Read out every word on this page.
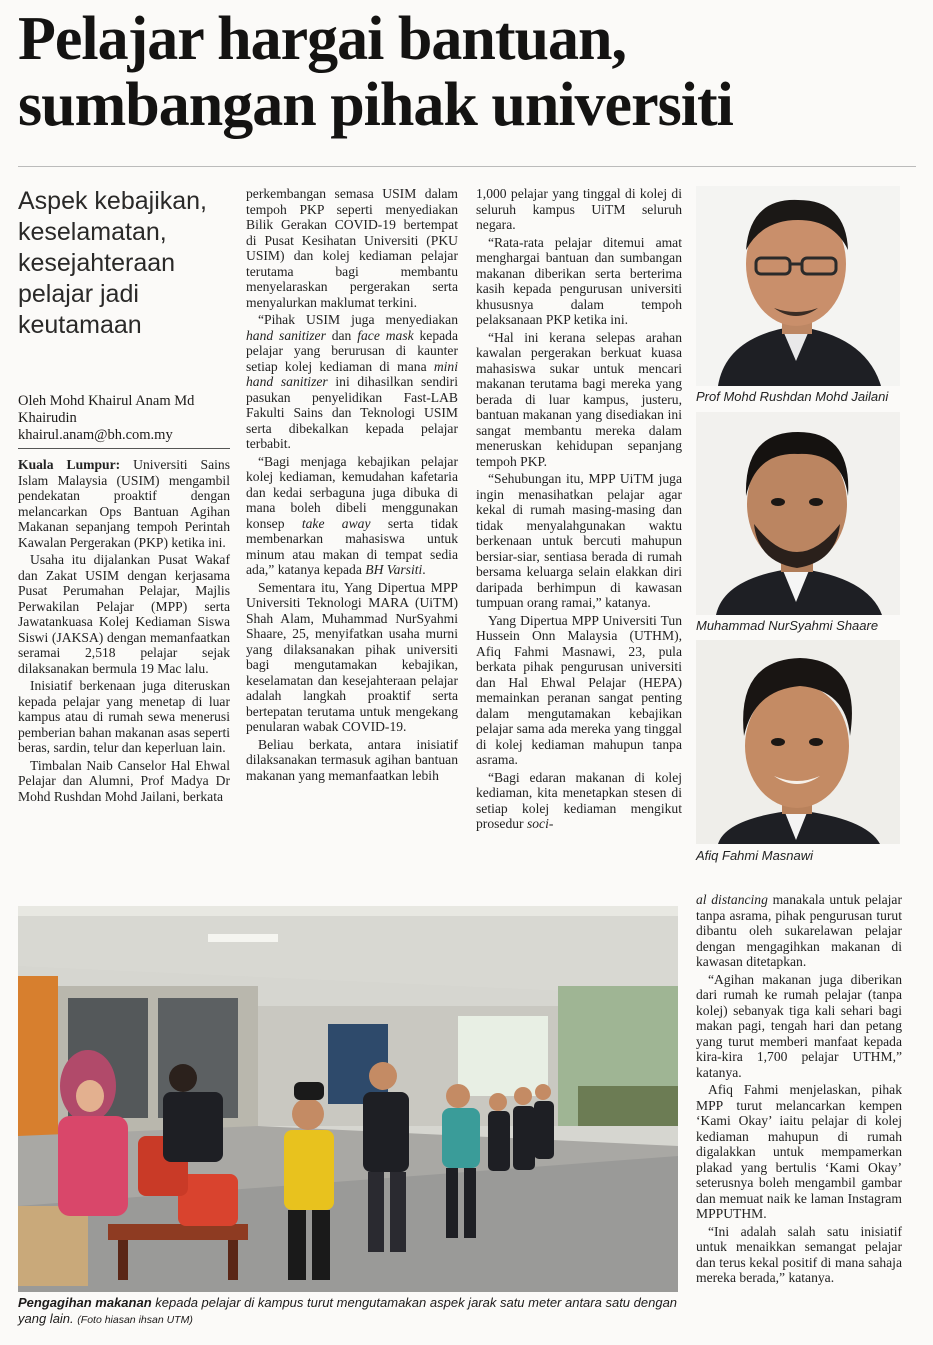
Pelajar hargai bantuan,
sumbangan pihak universiti
Aspek kebajikan,
keselamatan,
kesejahteraan
pelajar jadi
keutamaan
Oleh Mohd Khairul Anam Md Khairudin
khairul.anam@bh.com.my

Kuala Lumpur: Universiti Sains Islam Malaysia (USIM) mengambil pendekatan proaktif dengan melancarkan Ops Bantuan Agihan Makanan sepanjang tempoh Perintah Kawalan Pergerakan (PKP) ketika ini.

Usaha itu dijalankan Pusat Wakaf dan Zakat USIM dengan kerjasama Pusat Perumahan Pelajar, Majlis Perwakilan Pelajar (MPP) serta Jawatankuasa Kolej Kediaman Siswa Siswi (JAKSA) dengan memanfaatkan seramai 2,518 pelajar sejak dilaksanakan bermula 19 Mac lalu.

Inisiatif berkenaan juga diteruskan kepada pelajar yang menetap di luar kampus atau di rumah sewa menerusi pemberian bahan makanan asas seperti beras, sardin, telur dan keperluan lain.

Timbalan Naib Canselor Hal Ehwal Pelajar dan Alumni, Prof Madya Dr Mohd Rushdan Mohd Jailani, berkata

perkembangan semasa USIM dalam tempoh PKP seperti menyediakan Bilik Gerakan COVID-19 bertempat di Pusat Kesihatan Universiti (PKU USIM) dan kolej kediaman pelajar terutama bagi membantu menyelaraskan pergerakan serta menyalurkan maklumat terkini.

“Pihak USIM juga menyediakan hand sanitizer dan face mask kepada pelajar yang berurusan di kaunter setiap kolej kediaman di mana mini hand sanitizer ini dihasilkan sendiri pasukan penyelidikan Fast-LAB Fakulti Sains dan Teknologi USIM serta dibekalkan kepada pelajar terbabit.

“Bagi menjaga kebajikan pelajar kolej kediaman, kemudahan kafetaria dan kedai serbaguna juga dibuka di mana boleh dibeli menggunakan konsep take away serta tidak membenarkan mahasiswa untuk minum atau makan di tempat sedia ada,” katanya kepada BH Varsiti.

Sementara itu, Yang Dipertua MPP Universiti Teknologi MARA (UiTM) Shah Alam, Muhammad NurSyahmi Shaare, 25, menyifatkan usaha murni yang dilaksanakan pihak universiti bagi mengutamakan kebajikan, keselamatan dan kesejahteraan pelajar adalah langkah proaktif serta bertepatan terutama untuk mengekang penularan wabak COVID-19.

Beliau berkata, antara inisiatif dilaksanakan termasuk agihan bantuan makanan yang memanfaatkan lebih

1,000 pelajar yang tinggal di kolej di seluruh kampus UiTM seluruh negara.

“Rata-rata pelajar ditemui amat menghargai bantuan dan sumbangan makanan diberikan serta berterima kasih kepada pengurusan universiti khususnya dalam tempoh pelaksanaan PKP ketika ini.

“Hal ini kerana selepas arahan kawalan pergerakan berkuat kuasa mahasiswa sukar untuk mencari makanan terutama bagi mereka yang berada di luar kampus, justeru, bantuan makanan yang disediakan ini sangat membantu mereka dalam meneruskan kehidupan sepanjang tempoh PKP.

“Sehubungan itu, MPP UiTM juga ingin menasihatkan pelajar agar kekal di rumah masing-masing dan tidak menyalahgunakan waktu berkenaan untuk bercuti mahupun bersiar-siar, sentiasa berada di rumah bersama keluarga selain elakkan diri daripada berhimpun di kawasan tumpuan orang ramai,” katanya.

Yang Dipertua MPP Universiti Tun Hussein Onn Malaysia (UTHM), Afiq Fahmi Masnawi, 23, pula berkata pihak pengurusan universiti dan Hal Ehwal Pelajar (HEPA) memainkan peranan sangat penting dalam mengutamakan kebajikan pelajar sama ada mereka yang tinggal di kolej kediaman mahupun tanpa asrama.

“Bagi edaran makanan di kolej kediaman, kita menetapkan stesen di setiap kolej kediaman mengikut prosedur soci-

al distancing manakala untuk pelajar tanpa asrama, pihak pengurusan turut dibantu oleh sukarelawan pelajar dengan mengagihkan makanan di kawasan ditetapkan.

“Agihan makanan juga diberikan dari rumah ke rumah pelajar (tanpa kolej) sebanyak tiga kali sehari bagi makan pagi, tengah hari dan petang yang turut memberi manfaat kepada kira-kira 1,700 pelajar UTHM,” katanya.

Afiq Fahmi menjelaskan, pihak MPP turut melancarkan kempen ‘Kami Okay’ iaitu pelajar di kolej kediaman mahupun di rumah digalakkan untuk mempamerkan plakad yang bertulis ‘Kami Okay’ seterusnya boleh mengambil gambar dan memuat naik ke laman Instagram MPPUTHM.

“Ini adalah salah satu inisiatif untuk menaikkan semangat pelajar dan terus kekal positif di mana sahaja mereka berada,” katanya.

Prof Mohd Rushdan Mohd Jailani
Muhammad NurSyahmi Shaare
Afiq Fahmi Masnawi
Pengagihan makanan kepada pelajar di kampus turut mengutamakan aspek jarak satu meter antara satu dengan yang lain. (Foto hiasan ihsan UTM)
